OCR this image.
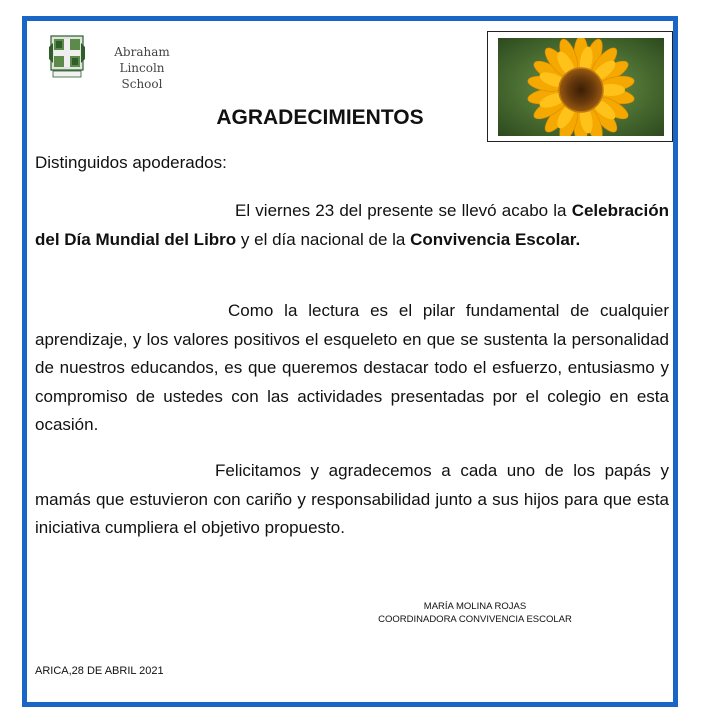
Abraham Lincoln
School
AGRADECIMIENTOS
Distinguidos apoderados:

El viernes 23 del presente se llevó acabo la Celebración del Día Mundial del Libro y el día nacional de la Convivencia Escolar.

Como la lectura es el pilar fundamental de cualquier aprendizaje, y los valores positivos el esqueleto en que se sustenta la personalidad de nuestros educandos, es que queremos destacar todo el esfuerzo, entusiasmo y compromiso de ustedes con las actividades presentadas por el colegio en esta ocasión.

Felicitamos y agradecemos a cada uno de los papás y mamás que estuvieron con cariño y responsabilidad junto a sus hijos para que esta iniciativa cumpliera el objetivo propuesto.

MARÍA MOLINA ROJAS
COORDINADORA CONVIVENCIA ESCOLAR
ARICA,28 DE ABRIL 2021
